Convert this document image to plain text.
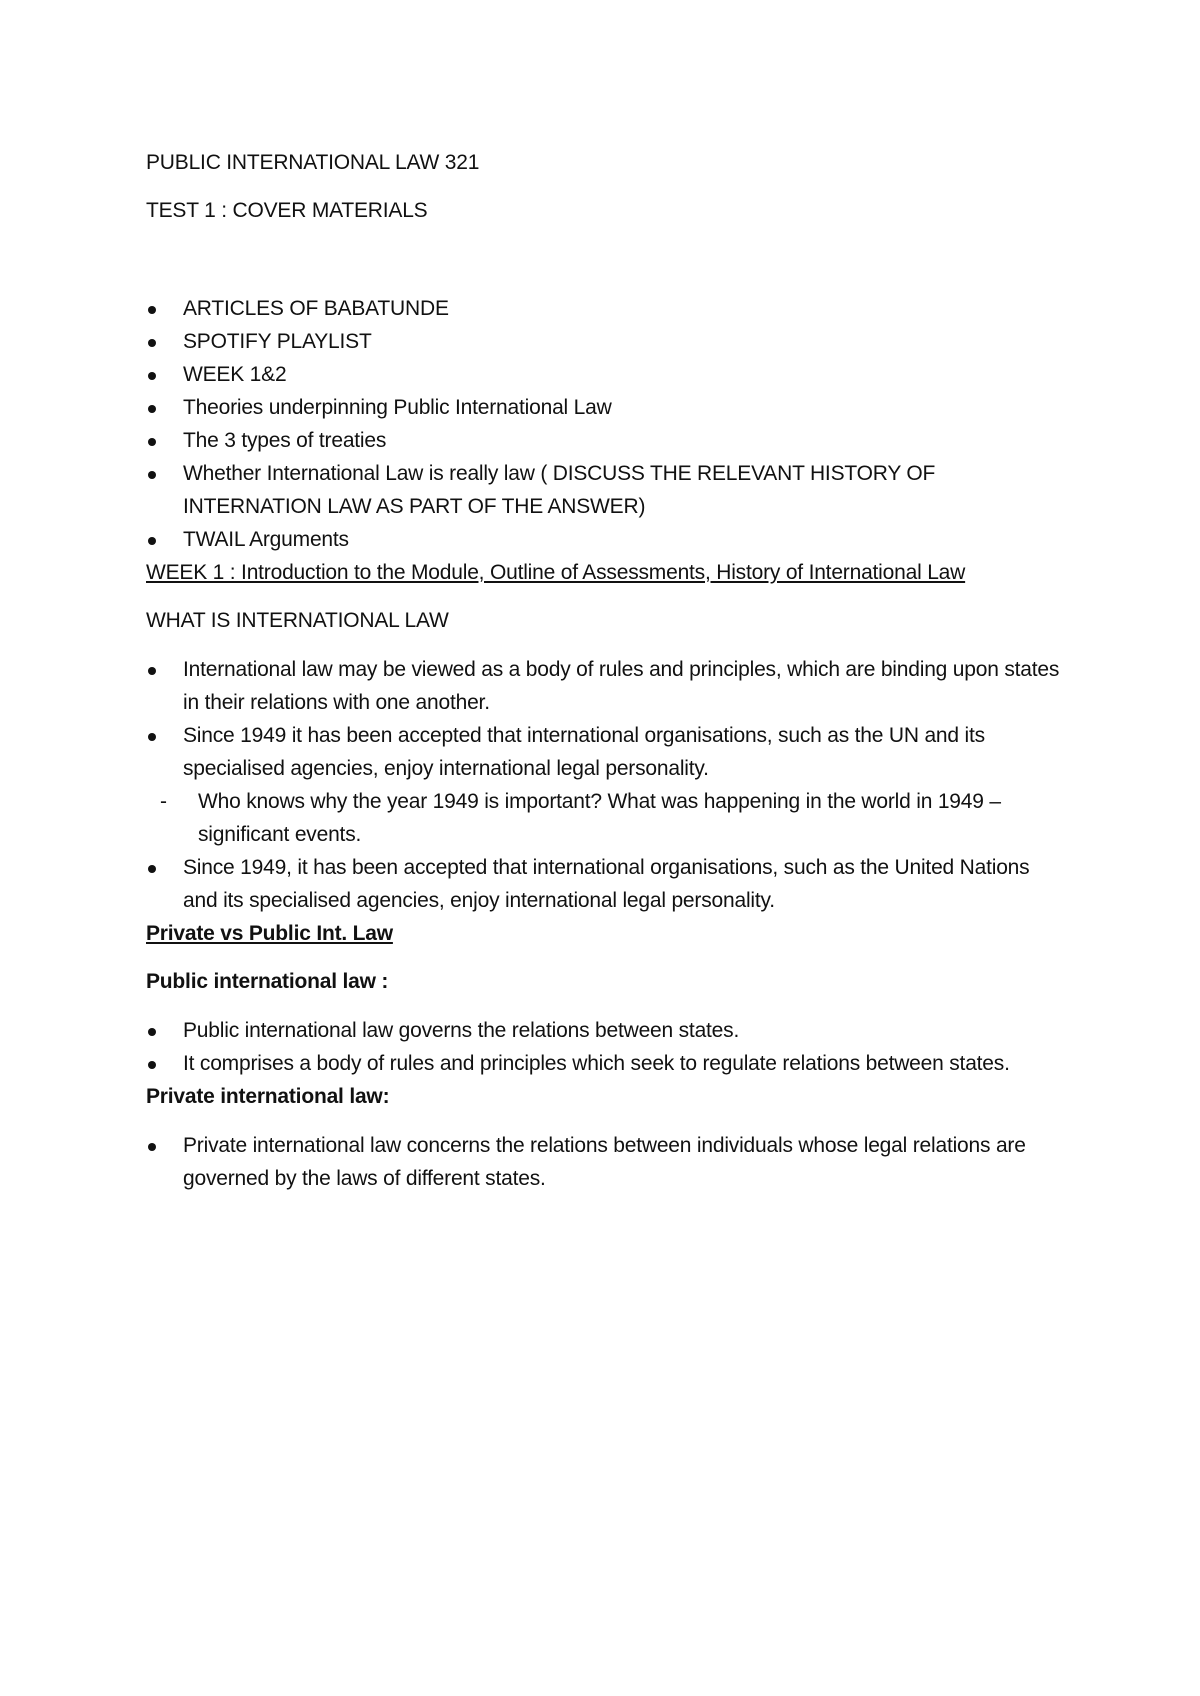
PUBLIC INTERNATIONAL LAW 321

TEST 1 : COVER MATERIALS

ARTICLES OF BABATUNDE
SPOTIFY PLAYLIST
WEEK 1&2
Theories underpinning Public International Law
The 3 types of treaties
Whether International Law is really law ( DISCUSS THE RELEVANT HISTORY OF INTERNATION LAW AS PART OF THE ANSWER)
TWAIL Arguments

WEEK 1 : Introduction to the Module, Outline of Assessments, History of International Law

WHAT IS INTERNATIONAL LAW

International law may be viewed as a body of rules and principles, which are binding upon states in their relations with one another.
Since 1949 it has been accepted that international organisations, such as the UN and its specialised agencies, enjoy international legal personality.
- Who knows why the year 1949 is important? What was happening in the world in 1949 – significant events.
Since 1949, it has been accepted that international organisations, such as the United Nations and its specialised agencies, enjoy international legal personality.

Private vs Public Int. Law

Public international law :

Public international law governs the relations between states.
It comprises a body of rules and principles which seek to regulate relations between states.

Private international law:

Private international law concerns the relations between individuals whose legal relations are governed by the laws of different states.
